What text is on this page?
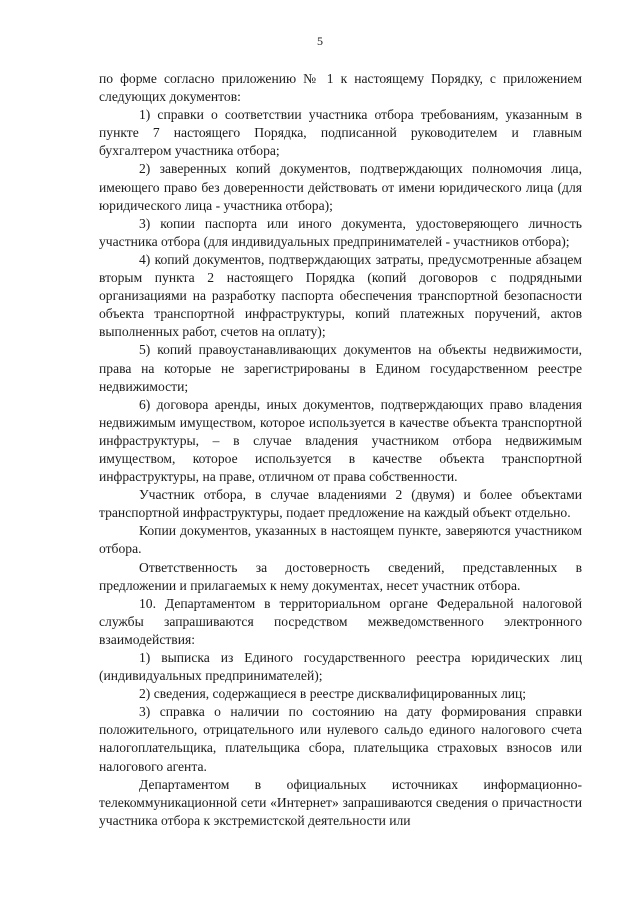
5

по форме согласно приложению № 1 к настоящему Порядку, с приложением следующих документов:

1) справки о соответствии участника отбора требованиям, указанным в пункте 7 настоящего Порядка, подписанной руководителем и главным бухгалтером участника отбора;

2) заверенных копий документов, подтверждающих полномочия лица, имеющего право без доверенности действовать от имени юридического лица (для юридического лица - участника отбора);

3) копии паспорта или иного документа, удостоверяющего личность участника отбора (для индивидуальных предпринимателей - участников отбора);

4) копий документов, подтверждающих затраты, предусмотренные абзацем вторым пункта 2 настоящего Порядка (копий договоров с подрядными организациями на разработку паспорта обеспечения транспортной безопасности объекта транспортной инфраструктуры, копий платежных поручений, актов выполненных работ, счетов на оплату);

5) копий правоустанавливающих документов на объекты недвижимости, права на которые не зарегистрированы в Едином государственном реестре недвижимости;

6) договора аренды, иных документов, подтверждающих право владения недвижимым имуществом, которое используется в качестве объекта транспортной инфраструктуры, – в случае владения участником отбора недвижимым имуществом, которое используется в качестве объекта транспортной инфраструктуры, на праве, отличном от права собственности.

Участник отбора, в случае владениями 2 (двумя) и более объектами транспортной инфраструктуры, подает предложение на каждый объект отдельно.

Копии документов, указанных в настоящем пункте, заверяются участником отбора.

Ответственность за достоверность сведений, представленных в предложении и прилагаемых к нему документах, несет участник отбора.

10. Департаментом в территориальном органе Федеральной налоговой службы запрашиваются посредством межведомственного электронного взаимодействия:

1) выписка из Единого государственного реестра юридических лиц (индивидуальных предпринимателей);

2) сведения, содержащиеся в реестре дисквалифицированных лиц;

3) справка о наличии по состоянию на дату формирования справки положительного, отрицательного или нулевого сальдо единого налогового счета налогоплательщика, плательщика сбора, плательщика страховых взносов или налогового агента.

Департаментом в официальных источниках информационно-телекоммуникационной сети «Интернет» запрашиваются сведения о причастности участника отбора к экстремистской деятельности или
